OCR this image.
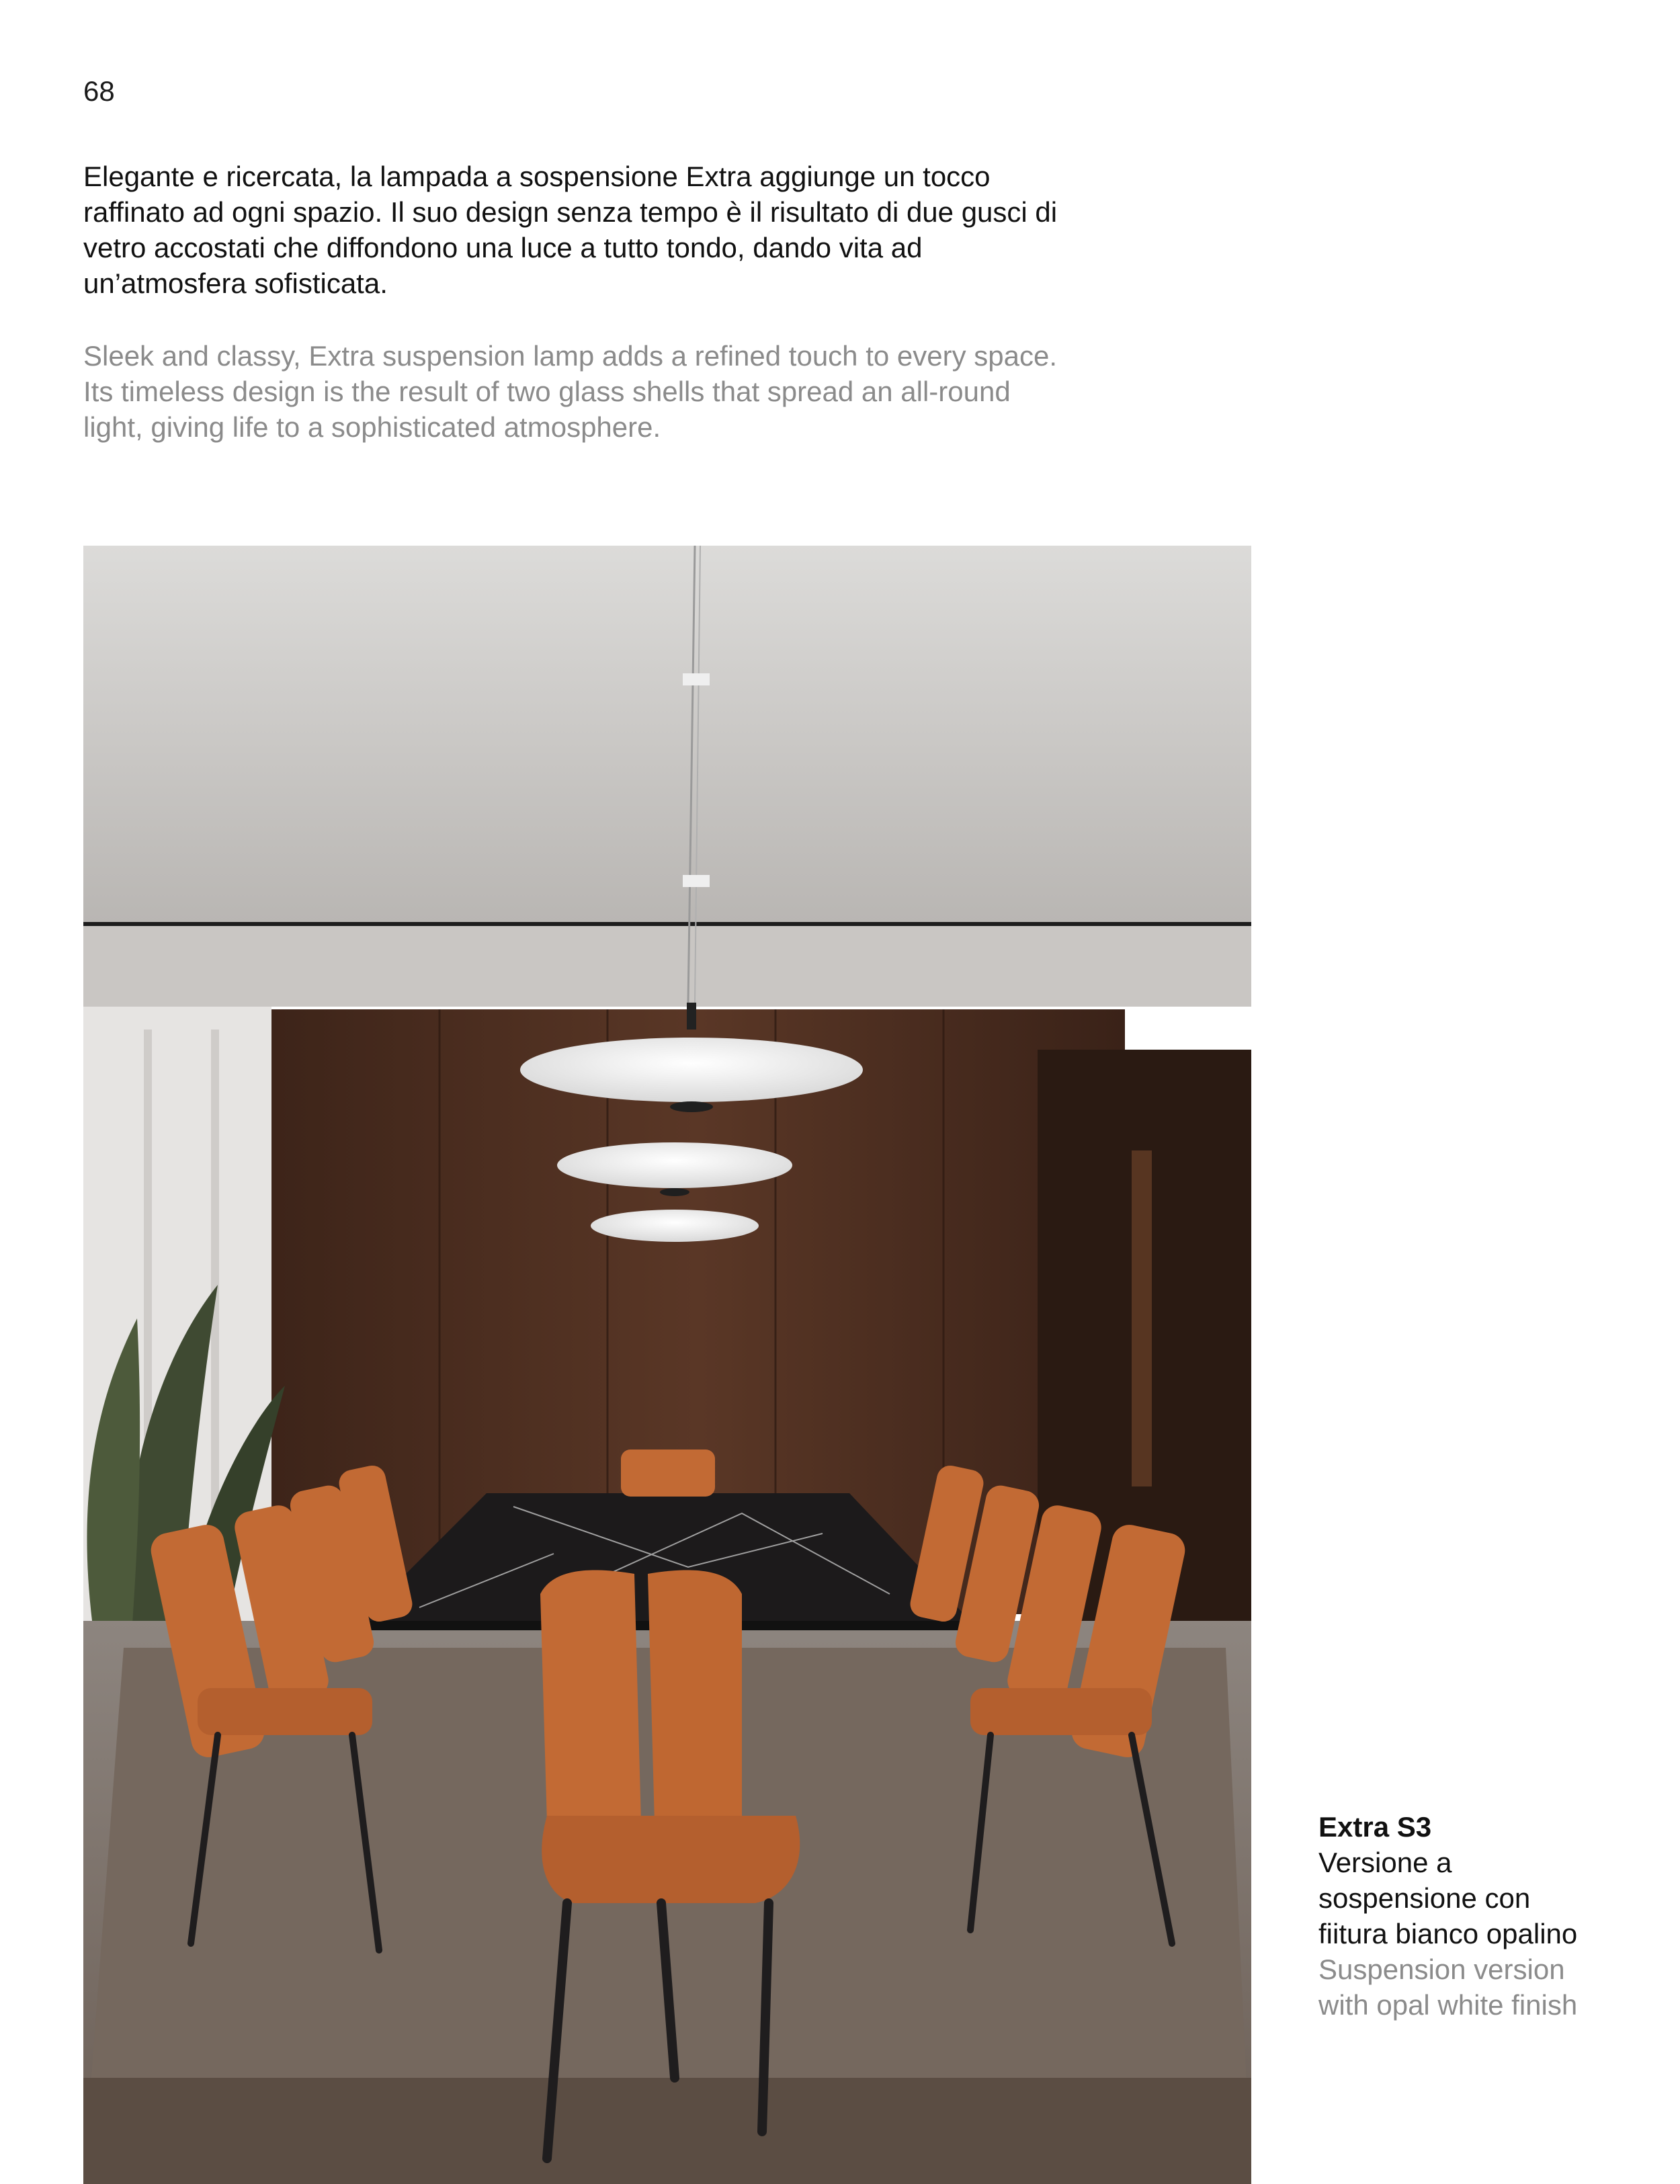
68

Elegante e ricercata, la lampada a sospensione Extra aggiunge un tocco raffinato ad ogni spazio. Il suo design senza tempo è il risultato di due gusci di vetro accostati che diffondono una luce a tutto tondo, dando vita ad un’atmosfera sofisticata.

Sleek and classy, Extra suspension lamp adds a refined touch to every space. Its timeless design is the result of two glass shells that spread an all-round light, giving life to a sophisticated atmosphere.

Extra S3
Versione a
sospensione con
fiitura bianco opalino
Suspension version
with opal white finish
